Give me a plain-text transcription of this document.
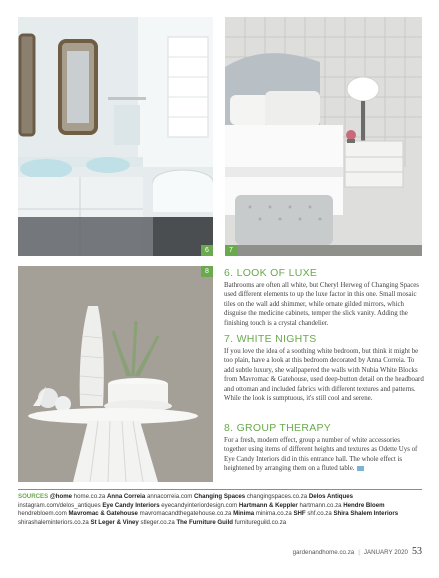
6	7
8	6. LOOK OF LUXE

Bathrooms are often all white, but Cheryl Herweg of Changing Spaces used different elements to up the luxe factor in this one. Small mosaic tiles on the wall add shimmer, while ornate gilded mirrors, which disguise the medicine cabinets, temper the slick vanity. Adding the finishing touch is a crystal chandelier.

7. WHITE NIGHTS

If you love the idea of a soothing white bedroom, but think it might be too plain, have a look at this bedroom decorated by Anna Correia. To add subtle luxury, she wallpapered the walls with Nubia White Blocks from Mavromac & Gatehouse, used deep-button detail on the headboard and ottoman and included fabrics with different textures and patterns. While the look is sumptuous, it's still cool and serene.

8. GROUP THERAPY

For a fresh, modern effect, group a number of white accessories together using items of different heights and textures as Odette Uys of Eye Candy Interiors did in this entrance hall. The whole effect is heightened by arranging them on a fluted table.

SOURCES @home home.co.za Anna Correia annacorreia.com Changing Spaces changingspaces.co.za Delos Antiques instagram.com/delos_antiques Eye Candy Interiors eyecandyinteriordesign.com Hartmann & Keppler hartmann.co.za Hendre Bloem hendrebloem.com Mavromac & Gatehouse mavromacandthegatehouse.co.za Minima minima.co.za SHF shf.co.za Shira Shalem Interiors shirashaleminteriors.co.za St Leger & Viney stleger.co.za The Furniture Guild furnitureguild.co.za
gardenandhome.co.za | JANUARY 2020 53
